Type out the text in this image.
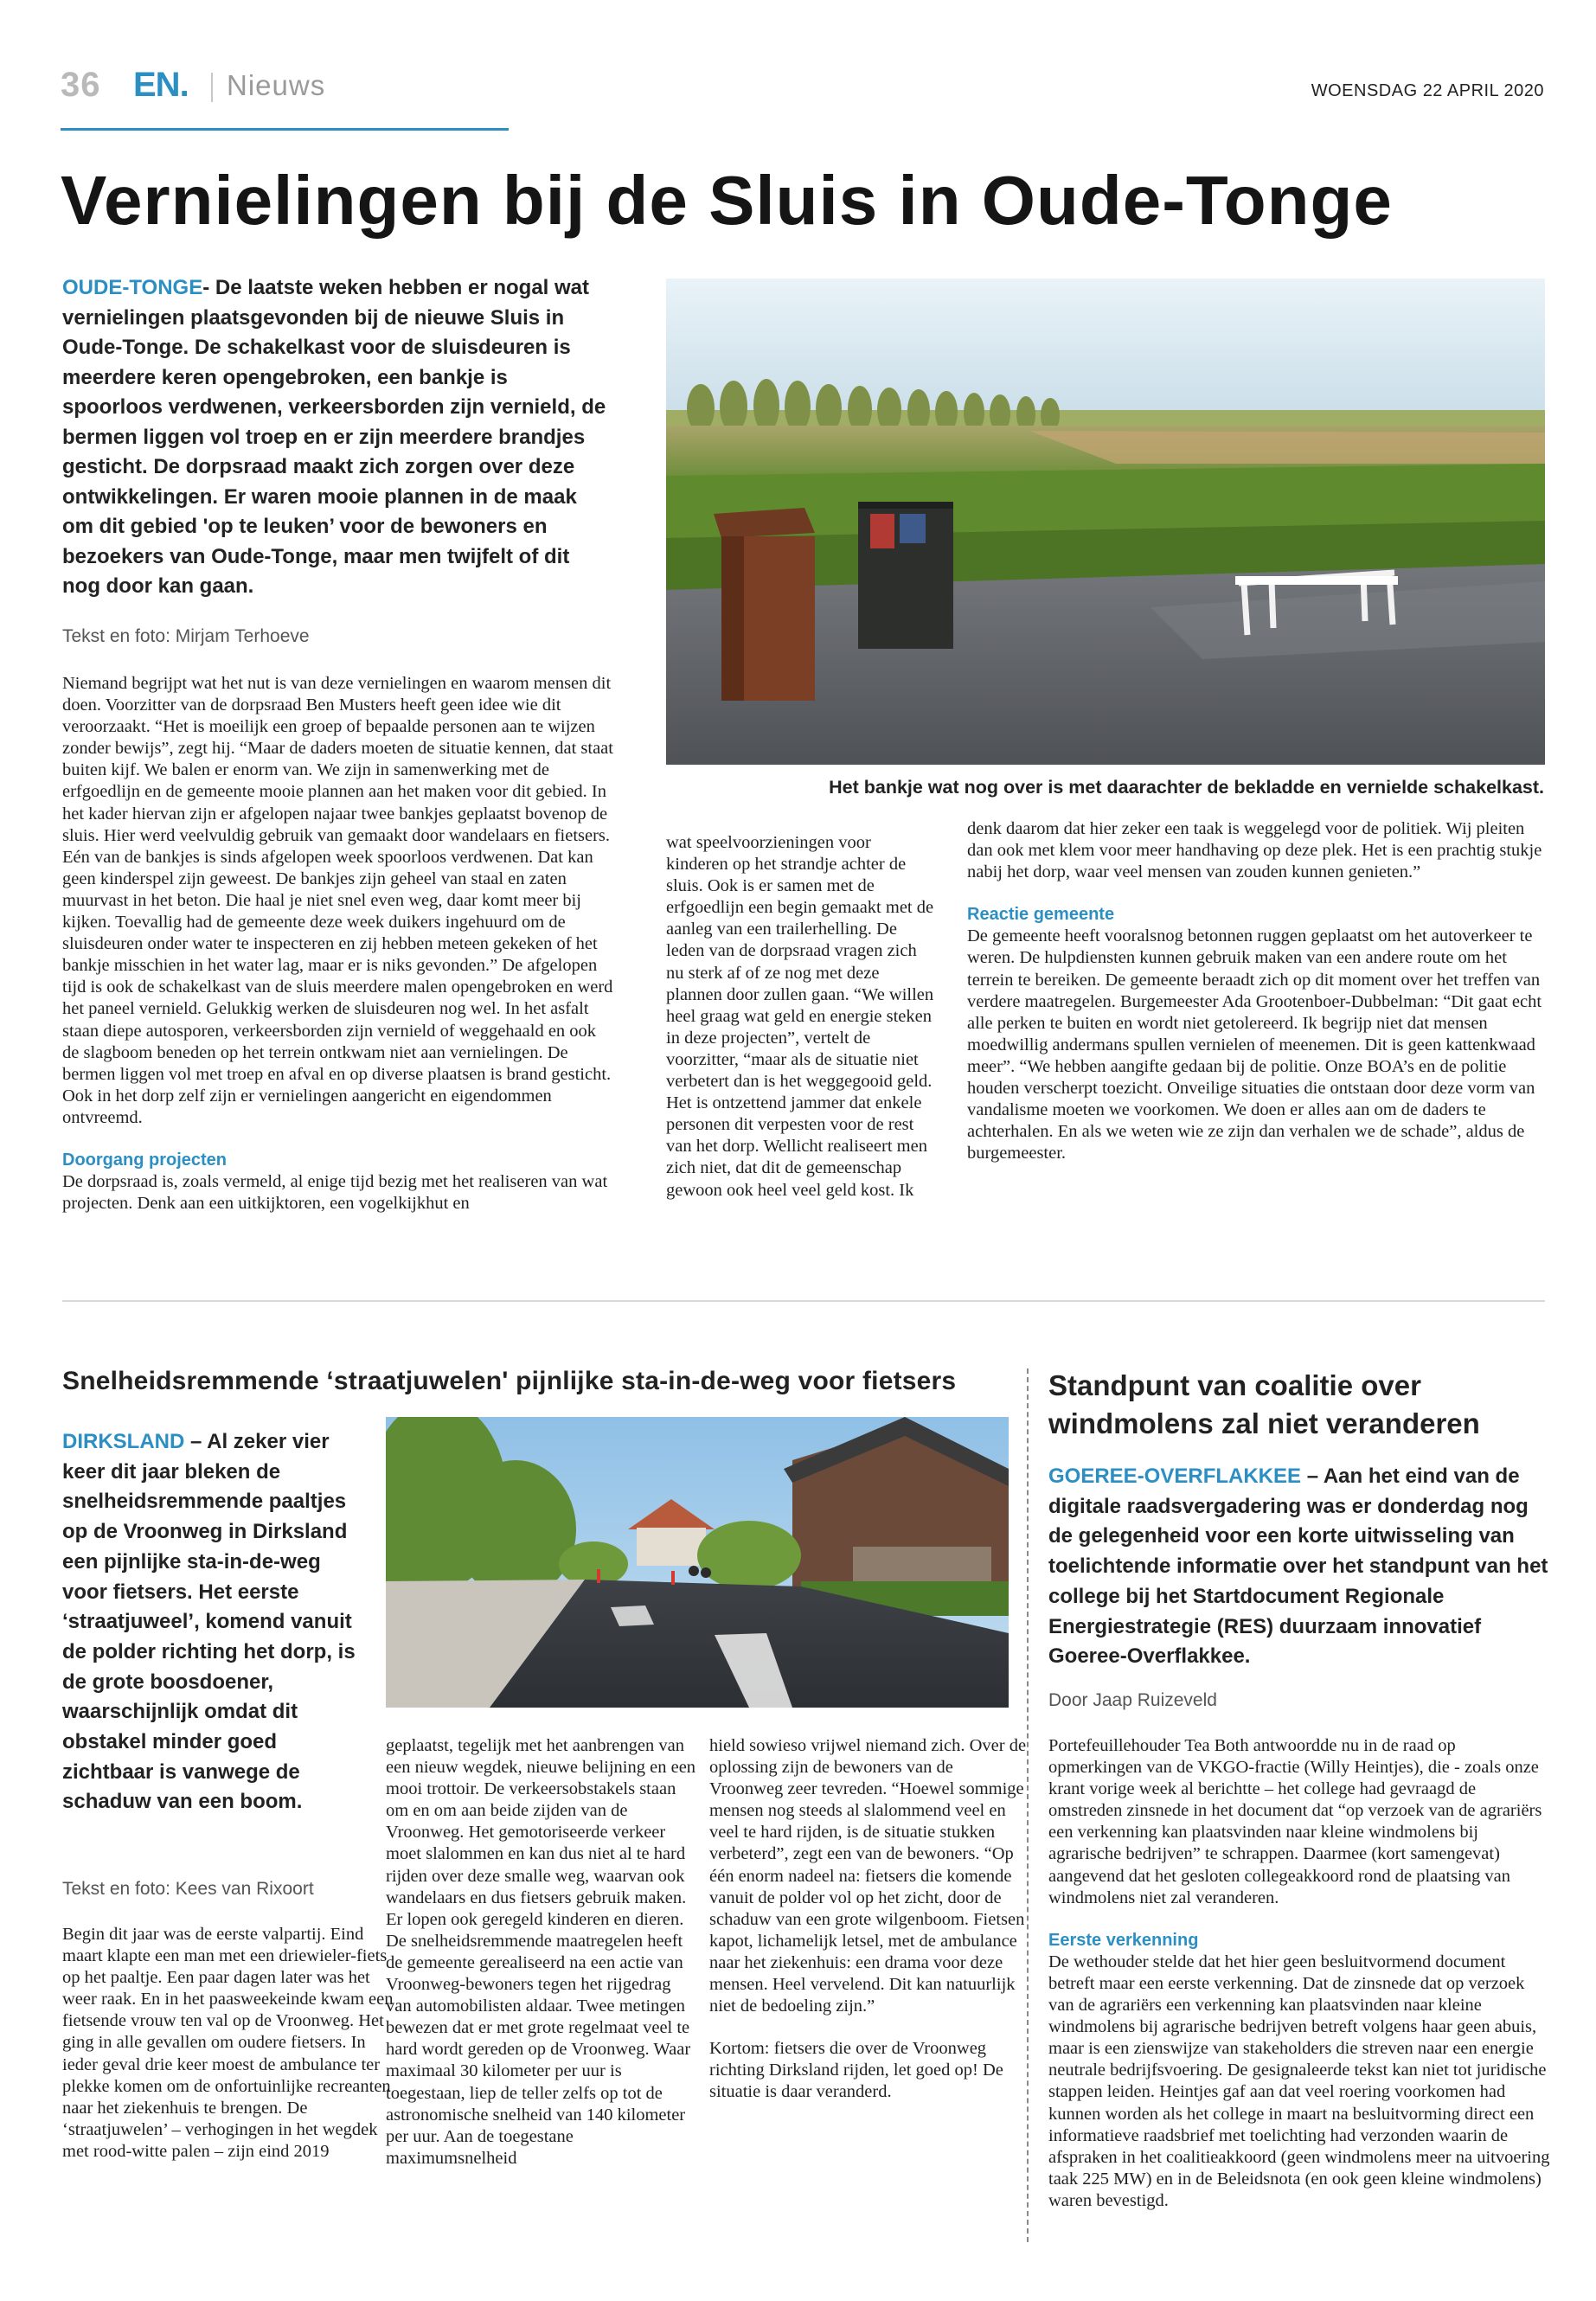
36 EN. Nieuws	WOENSDAG 22 APRIL 2020
Vernielingen bij de Sluis in Oude-Tonge

OUDE-TONGE- De laatste weken hebben er nogal wat vernielingen plaatsgevonden bij de nieuwe Sluis in Oude-Tonge. De schakelkast voor de sluisdeuren is meerdere keren opengebroken, een bankje is spoorloos verdwenen, verkeersborden zijn vernield, de bermen liggen vol troep en er zijn meerdere brandjes gesticht. De dorpsraad maakt zich zorgen over deze ontwikkelingen. Er waren mooie plannen in de maak om dit gebied 'op te leuken’ voor de bewoners en bezoekers van Oude-Tonge, maar men twijfelt of dit nog door kan gaan.

Tekst en foto: Mirjam Terhoeve

Niemand begrijpt wat het nut is van deze vernielingen en waarom mensen dit doen. Voorzitter van de dorpsraad Ben Musters heeft geen idee wie dit veroorzaakt. “Het is moeilijk een groep of bepaalde personen aan te wijzen zonder bewijs”, zegt hij. “Maar de daders moeten de situatie kennen, dat staat buiten kijf. We balen er enorm van. We zijn in samenwerking met de erfgoedlijn en de gemeente mooie plannen aan het maken voor dit gebied. In het kader hiervan zijn er afgelopen najaar twee bankjes geplaatst bovenop de sluis. Hier werd veelvuldig gebruik van gemaakt door wandelaars en fietsers. Eén van de bankjes is sinds afgelopen week spoorloos verdwenen. Dat kan geen kinderspel zijn geweest. De bankjes zijn geheel van staal en zaten muurvast in het beton. Die haal je niet snel even weg, daar komt meer bij kijken. Toevallig had de gemeente deze week duikers ingehuurd om de sluisdeuren onder water te inspecteren en zij hebben meteen gekeken of het bankje misschien in het water lag, maar er is niks gevonden.” De afgelopen tijd is ook de schakelkast van de sluis meerdere malen opengebroken en werd het paneel vernield. Gelukkig werken de sluisdeuren nog wel. In het asfalt staan diepe autosporen, verkeersborden zijn vernield of weggehaald en ook de slagboom beneden op het terrein ontkwam niet aan vernielingen. De bermen liggen vol met troep en afval en op diverse plaatsen is brand gesticht. Ook in het dorp zelf zijn er vernielingen aangericht en eigendommen ontvreemd.

Doorgang projecten

De dorpsraad is, zoals vermeld, al enige tijd bezig met het realiseren van wat projecten. Denk aan een uitkijktoren, een vogelkijkhut en

Het bankje wat nog over is met daarachter de bekladde en vernielde schakelkast.

wat speelvoorzieningen voor kinderen op het strandje achter de sluis. Ook is er samen met de erfgoedlijn een begin gemaakt met de aanleg van een trailerhelling. De leden van de dorpsraad vragen zich nu sterk af of ze nog met deze plannen door zullen gaan. “We willen heel graag wat geld en energie steken in deze projecten”, vertelt de voorzitter, “maar als de situatie niet verbetert dan is het weggegooid geld. Het is ontzettend jammer dat enkele personen dit verpesten voor de rest van het dorp. Wellicht realiseert men zich niet, dat dit de gemeenschap gewoon ook heel veel geld kost. Ik

denk daarom dat hier zeker een taak is weggelegd voor de politiek. Wij pleiten dan ook met klem voor meer handhaving op deze plek. Het is een prachtig stukje nabij het dorp, waar veel mensen van zouden kunnen genieten.”

Reactie gemeente

De gemeente heeft vooralsnog betonnen ruggen geplaatst om het autoverkeer te weren. De hulpdiensten kunnen gebruik maken van een andere route om het terrein te bereiken. De gemeente beraadt zich op dit moment over het treffen van verdere maatregelen. Burgemeester Ada Grootenboer-Dubbelman: “Dit gaat echt alle perken te buiten en wordt niet getolereerd. Ik begrijp niet dat mensen moedwillig andermans spullen vernielen of meenemen. Dit is geen kattenkwaad meer”. “We hebben aangifte gedaan bij de politie. Onze BOA’s en de politie houden verscherpt toezicht. Onveilige situaties die ontstaan door deze vorm van vandalisme moeten we voorkomen. We doen er alles aan om de daders te achterhalen. En als we weten wie ze zijn dan verhalen we de schade”, aldus de burgemeester.

Snelheidsremmende ‘straatjuwelen' pijnlijke sta-in-de-weg voor fietsers

DIRKSLAND – Al zeker vier keer dit jaar bleken de snelheidsremmende paaltjes op de Vroonweg in Dirksland een pijnlijke sta-in-de-weg voor fietsers. Het eerste ‘straatjuweel’, komend vanuit de polder richting het dorp, is de grote boosdoener, waarschijnlijk omdat dit obstakel minder goed zichtbaar is vanwege de schaduw van een boom.

Tekst en foto: Kees van Rixoort

Begin dit jaar was de eerste valpartij. Eind maart klapte een man met een driewieler-fiets op het paaltje. Een paar dagen later was het weer raak. En in het paasweekeinde kwam een fietsende vrouw ten val op de Vroonweg. Het ging in alle gevallen om oudere fietsers. In ieder geval drie keer moest de ambulance ter plekke komen om de onfortuinlijke recreanten naar het ziekenhuis te brengen. De ‘straatjuwelen’ – verhogingen in het wegdek met rood-witte palen – zijn eind 2019

geplaatst, tegelijk met het aanbrengen van een nieuw wegdek, nieuwe belijning en een mooi trottoir. De verkeersobstakels staan om en om aan beide zijden van de Vroonweg. Het gemotoriseerde verkeer moet slalommen en kan dus niet al te hard rijden over deze smalle weg, waarvan ook wandelaars en dus fietsers gebruik maken. Er lopen ook geregeld kinderen en dieren. De snelheidsremmende maatregelen heeft de gemeente gerealiseerd na een actie van Vroonweg-bewoners tegen het rijgedrag van automobilisten aldaar. Twee metingen bewezen dat er met grote regelmaat veel te hard wordt gereden op de Vroonweg. Waar maximaal 30 kilometer per uur is toegestaan, liep de teller zelfs op tot de astronomische snelheid van 140 kilometer per uur. Aan de toegestane maximumsnelheid

hield sowieso vrijwel niemand zich. Over de oplossing zijn de bewoners van de Vroonweg zeer tevreden. “Hoewel sommige mensen nog steeds al slalommend veel en veel te hard rijden, is de situatie stukken verbeterd”, zegt een van de bewoners. “Op één enorm nadeel na: fietsers die komende vanuit de polder vol op het zicht, door de schaduw van een grote wilgenboom. Fietsen kapot, lichamelijk letsel, met de ambulance naar het ziekenhuis: een drama voor deze mensen. Heel vervelend. Dit kan natuurlijk niet de bedoeling zijn.”

Kortom: fietsers die over de Vroonweg richting Dirksland rijden, let goed op! De situatie is daar veranderd.

Standpunt van coalitie over windmolens zal niet veranderen

GOEREE-OVERFLAKKEE – Aan het eind van de digitale raadsvergadering was er donderdag nog de gelegenheid voor een korte uitwisseling van toelichtende informatie over het standpunt van het college bij het Startdocument Regionale Energiestrategie (RES) duurzaam innovatief Goeree-Overflakkee.

Door Jaap Ruizeveld

Portefeuillehouder Tea Both antwoordde nu in de raad op opmerkingen van de VKGO-fractie (Willy Heintjes), die - zoals onze krant vorige week al berichtte – het college had gevraagd de omstreden zinsnede in het document dat “op verzoek van de agrariërs een verkenning kan plaatsvinden naar kleine windmolens bij agrarische bedrijven” te schrappen. Daarmee (kort samengevat) aangevend dat het gesloten collegeakkoord rond de plaatsing van windmolens niet zal veranderen.

Eerste verkenning

De wethouder stelde dat het hier geen besluitvormend document betreft maar een eerste verkenning. Dat de zinsnede dat op verzoek van de agrariërs een verkenning kan plaatsvinden naar kleine windmolens bij agrarische bedrijven betreft volgens haar geen abuis, maar is een zienswijze van stakeholders die streven naar een energie neutrale bedrijfsvoering. De gesignaleerde tekst kan niet tot juridische stappen leiden. Heintjes gaf aan dat veel roering voorkomen had kunnen worden als het college in maart na besluitvorming direct een informatieve raadsbrief met toelichting had verzonden waarin de afspraken in het coalitieakkoord (geen windmolens meer na uitvoering taak 225 MW) en in de Beleidsnota (en ook geen kleine windmolens) waren bevestigd.
